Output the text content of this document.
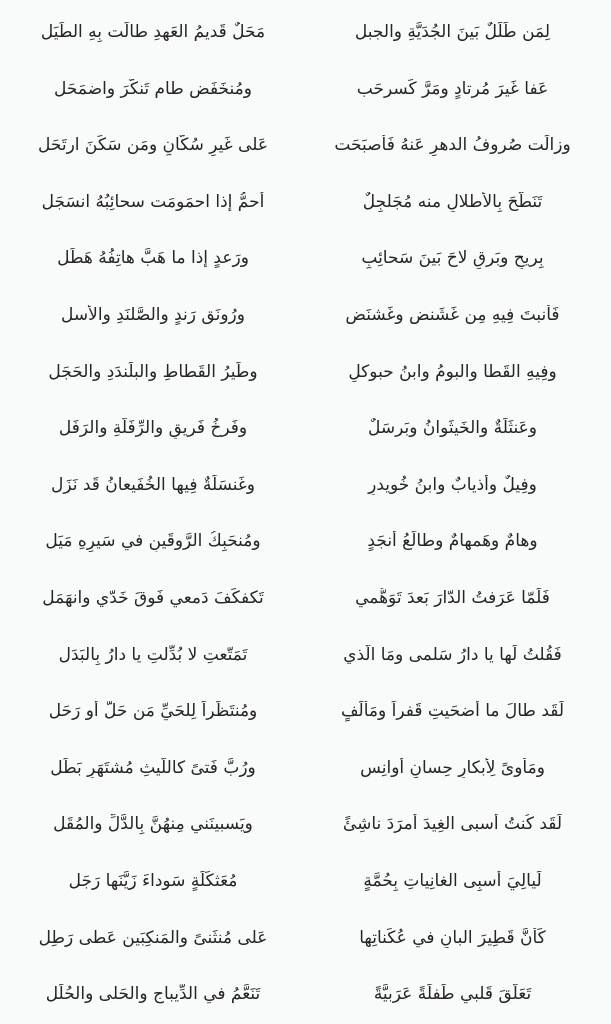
لِمَن طَلَلٌ بَينَ الجُدَيَّةِ والجبل
مَحَلٌ قَديمُ العَهدِ طالَت بِهِ الطِّيَل
عَفا غَيرَ مُرتادٍ ومَرَّ كَسرحَب
ومُنخَفَضٍ طامٍ تَنكَّرَ واضمَحَل
وزالَت صُروفُ الدهرِ عَنهُ فَأصبَحَت
عَلى غَيرِ سُكّانٍ ومَن سَكَنَ ارتَحَل
تَنَطّحَ بِالأطلالِ منه مُجَلجِلٌ
أحمُّ إذا احمَومَت سحائِبُهُ انسَجَل
بِريحٍ وبَرقٍ لاحَ بَينَ سَحائِبٍ
ورَعدٍ إذا ما هَبَّ هاتِفُهُ هَطَل
فَأنبتَ فِيهِ مِن غَشَنضٍ وغَشنَضٍ
ورُونَقِ رَندٍ والصَّلنَدِ والأسل
وفِيهِ القَطا والبومُ وابنُ حبوكلٍ
وطَيرُ القَطاطِ والبلَندَدِ والحَجَل
وعَنثَلَةٌ والخَيثَوانُ وبَرسَلٌ
وفَرخُ فَريقٍ والرِّفَلَّةِ والرَفَل
وفِيلٌ وأذيابٌ وابنُ خُويدرٍ
وغَنسَلَةٌ فِيها الخُفَيعانُ قَد نَزَل
وهامٌ وهَمهامٌ وطالَعُ أنجَدٍ
ومُنحَبِكُ الرَّوقَينِ في سَيرِهِ مَيَل
فَلَمّا عَرَفتُ الدّارَ بَعدَ تَوَهُّمي
تَكفكَفَ دَمعي فَوقَ خَدّي وانهَمَل
فَقُلتُ لَها يا دارُ سَلمى ومَا الّذي
تَمَتّعتِ لا بُدِّلتِ يا دارُ بِالبَدَل
لَقَد طالَ ما أضحَيتِ قَفراً ومَألَفٍ
ومُنتَظَراً لِلحَيِّ مَن حَلَّ أو رَحَل
ومَأوىً لِأبكارٍ حِسانٍ أوانِسٍ
ورُبَّ فَتىً كاللَّيثِ مُشتَهَرٍ بَطَل
لَقَد كُنتُ أسبى الغِيدَ أمرَدَ ناشِئً
ويَسبينَني مِنهُنَّ بِالدَّلِّ والمُقَل
لَيالِيَ أسبِى الغانِياتِ بِحُمَّةٍ
مُعَثكَلَةٍ سَوداءَ زَيَّنَها رَجَل
كَأنَّ قَطِيرَ البانِ في عُكَناتِها
عَلى مُنثَنىً والمَنكِبَينِ عَطى رَطِل
تَعَلَّقَ قَلبي طَفلَةً عَرَبيَّةً
تَنَعَّمُ في الدِّيباجِ والحَلى والحُلَل
